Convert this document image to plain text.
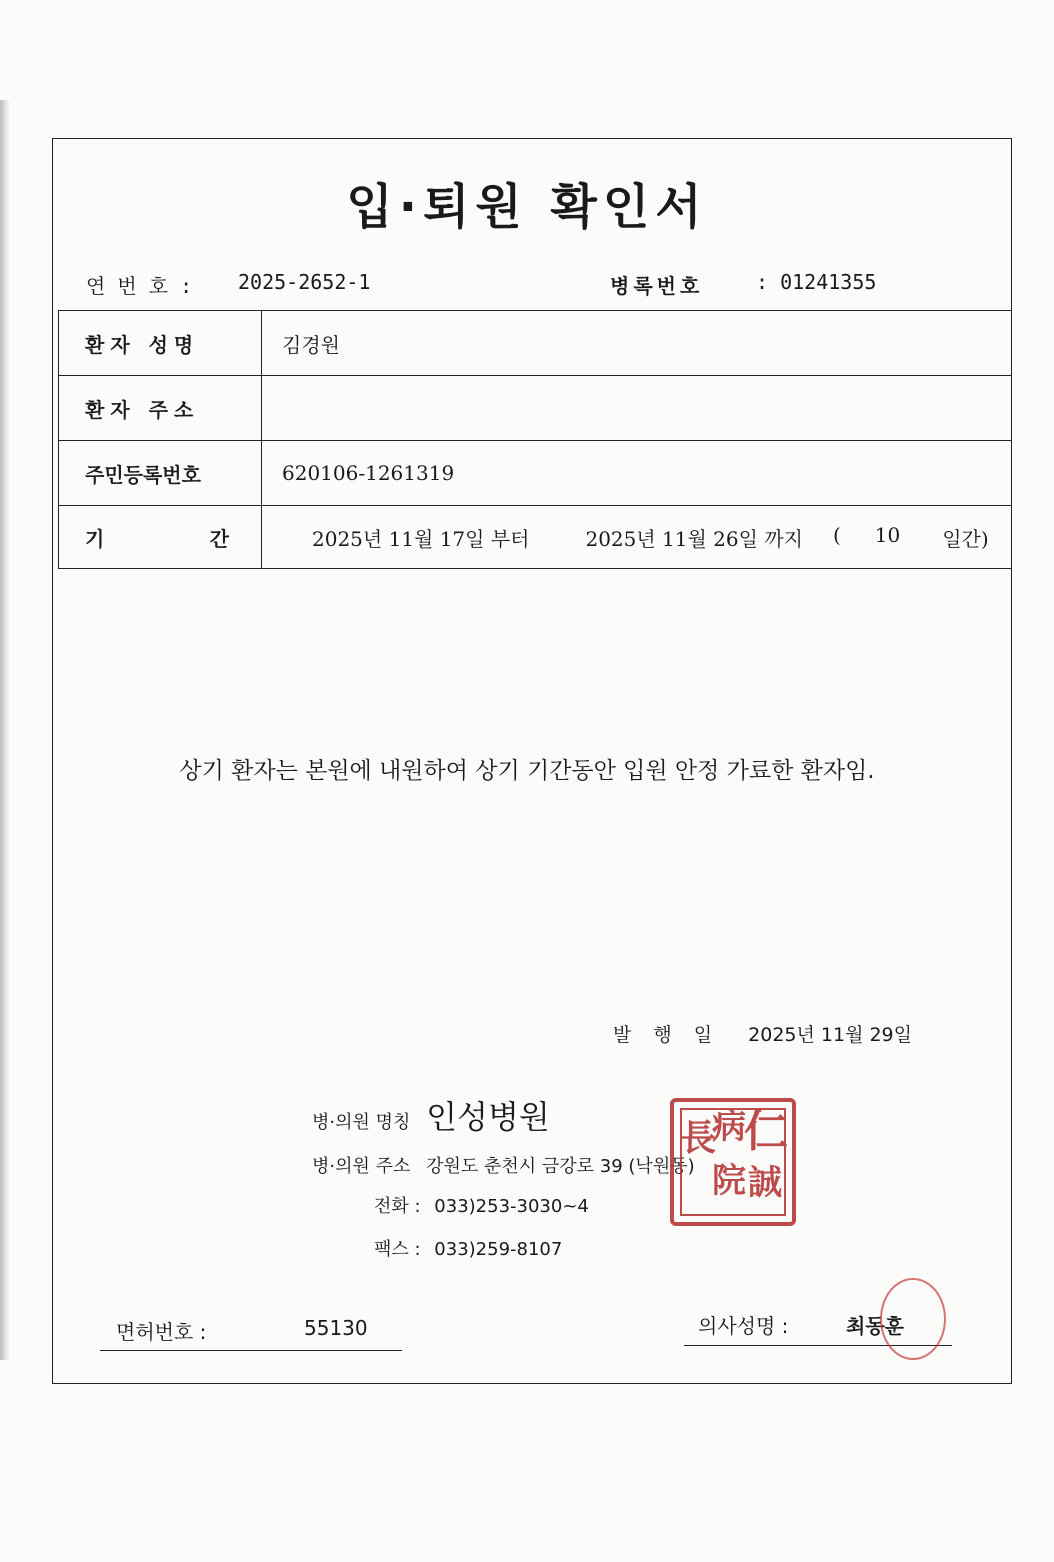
입·퇴원 확인서
연 번 호 : 2025-2652-1	병록번호	: 01241355
환자 성명	김경원
환자 주소	
주민등록번호	620106-1261319

기 간	2025년 11월 17일 부터 2025년 11월 26일 까지 ( 10 일간)
상기 환자는 본원에 내원하여 상기 기간동안 입원 안정 가료한 환자임.
발 행 일 2025년 11월 29일
병·의원 명칭 인성병원
병·의원 주소 강원도 춘천시 금강로 39 (낙원동)
전화 : 033)253-3030~4
팩스 : 033)259-8107
仁
病
院
長
誠
면허번호 :	55130	의사성명 :	최동훈
